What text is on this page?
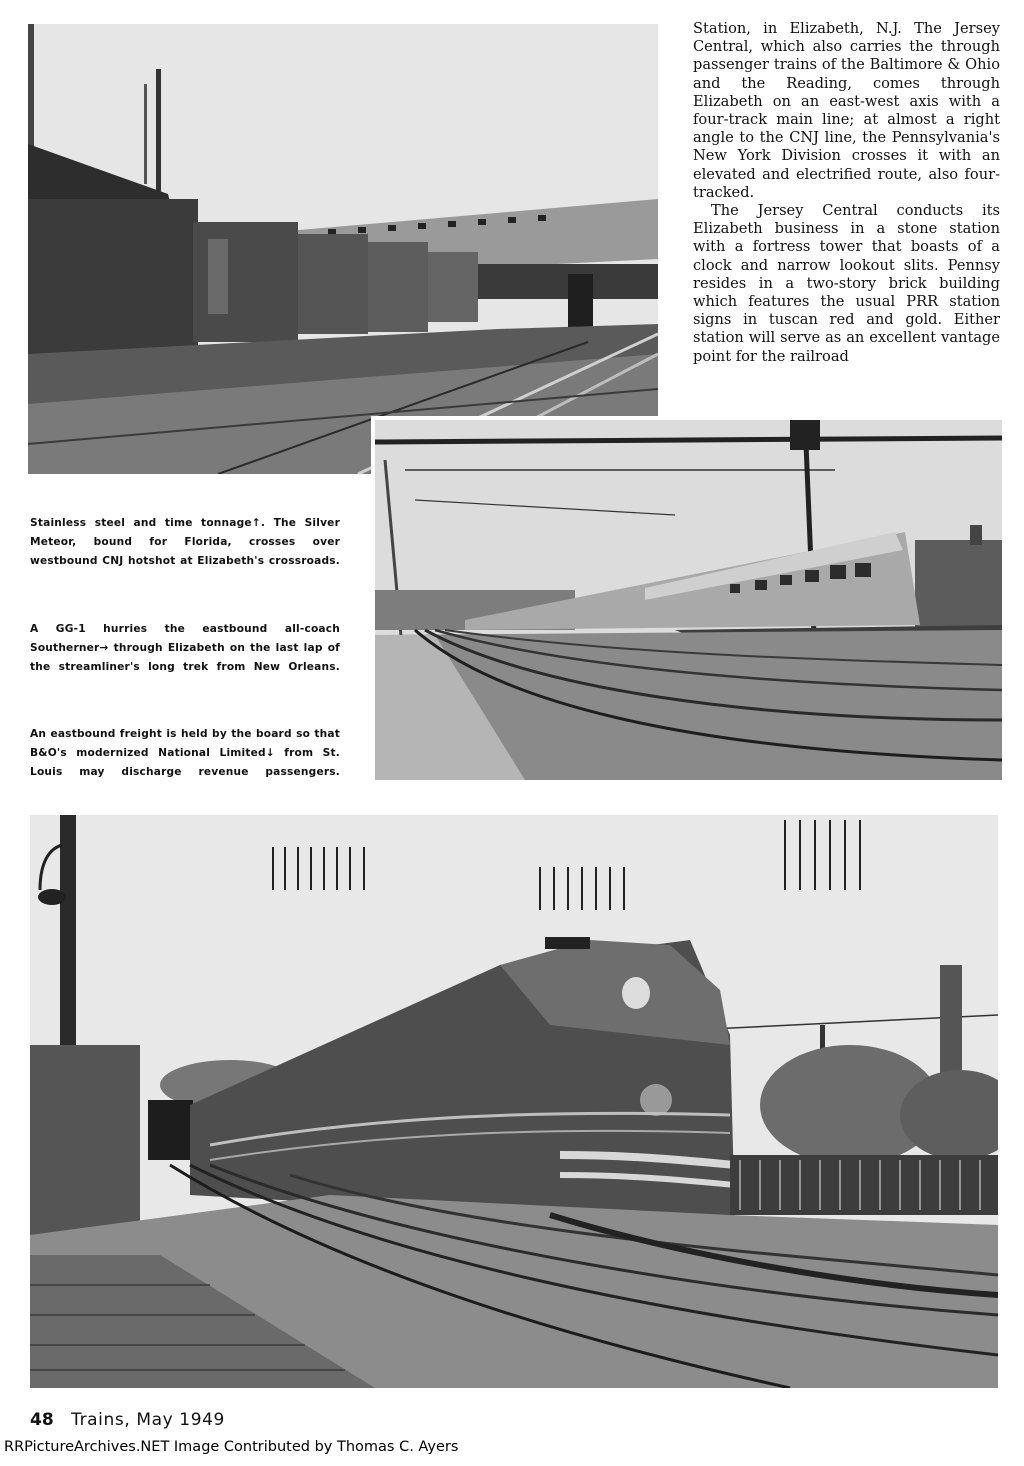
Station, in Elizabeth, N.J. The Jersey Central, which also carries the through passenger trains of the Baltimore & Ohio and the Reading, comes through Elizabeth on an east-west axis with a four-track main line; at almost a right angle to the CNJ line, the Pennsylvania's New York Division crosses it with an elevated and electrified route, also four-tracked.

The Jersey Central conducts its Elizabeth business in a stone station with a fortress tower that boasts of a clock and narrow lookout slits. Pennsy resides in a two-story brick building which features the usual PRR station signs in tuscan red and gold. Either station will serve as an excellent vantage point for the railroad

Stainless steel and time tonnage↑. The Silver Meteor, bound for Florida, crosses over westbound CNJ hotshot at Elizabeth's crossroads.
A GG-1 hurries the eastbound all-coach Southerner→ through Elizabeth on the last lap of the streamliner's long trek from New Orleans.
An eastbound freight is held by the board so that B&O's modernized National Limited↓ from St. Louis may discharge revenue passengers.
48 Trains, May 1949
RRPictureArchives.NET Image Contributed by Thomas C. Ayers
